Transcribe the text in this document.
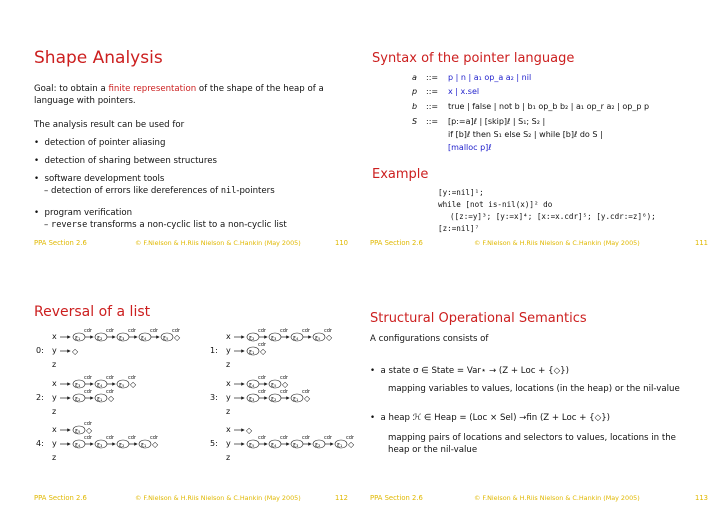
Shape Analysis
Goal: to obtain a finite representation of the shape of the heap of a
language with pointers.
The analysis result can be used for
•  detection of pointer aliasing
•  detection of sharing between structures
•  software development tools
– detection of errors like dereferences of nil-pointers
•  program verification
– reverse transforms a non-cyclic list to a non-cyclic list
PPA Section 2.6	© F.Nielson & H.Riis Nielson & C.Hankin (May 2005)	110
Syntax of the pointer language
a ::= p | n | a₁ op_a a₂ | nil
p ::= x | x.sel
b ::= true | false | not b | b₁ op_b b₂ | a₁ op_r a₂ | op_p p
S ::= [p:=a]ℓ | [skip]ℓ | S₁; S₂ |
if [b]ℓ then S₁ else S₂ | while [b]ℓ do S |
[malloc p]ℓ
Example
[y:=nil]¹;
while [not is-nil(x)]² do
([z:=y]³; [y:=x]⁴; [x:=x.cdr]⁵; [y.cdr:=z]⁶);
[z:=nil]⁷
PPA Section 2.6	© F.Nielson & H.Riis Nielson & C.Hankin (May 2005)	111
Reversal of a list
x
y
z
0:
ξ₁
cdr
ξ₂
cdr
ξ₃
cdr
ξ₄
cdr
ξ₅
cdr
◇
◇
x
y
z
1:
ξ₂
cdr
ξ₃
cdr
ξ₄
cdr
ξ₅
cdr
◇
ξ₁
cdr
◇
x
y
z
2:
ξ₃
cdr
ξ₄
cdr
ξ₅
cdr
◇
ξ₂
cdr
ξ₁
cdr
◇
x
y
z
3:
ξ₄
cdr
ξ₅
cdr
◇
ξ₃
cdr
ξ₂
cdr
ξ₁
cdr
◇
x
y
z
4:
ξ₅
cdr
◇
ξ₄
cdr
ξ₃
cdr
ξ₂
cdr
ξ₁
cdr
◇
x
y
z
5:
◇
ξ₅
cdr
ξ₄
cdr
ξ₃
cdr
ξ₂
cdr
ξ₁
cdr
◇
PPA Section 2.6	© F.Nielson & H.Riis Nielson & C.Hankin (May 2005)	112
Structural Operational Semantics
A configurations consists of
•  a state σ ∈ State = Var⋆ → (Z + Loc + {◇})
mapping variables to values, locations (in the heap) or the nil-value
•  a heap ℋ ∈ Heap = (Loc × Sel) →fin (Z + Loc + {◇})
mapping pairs of locations and selectors to values, locations in the
heap or the nil-value
PPA Section 2.6	© F.Nielson & H.Riis Nielson & C.Hankin (May 2005)	113
